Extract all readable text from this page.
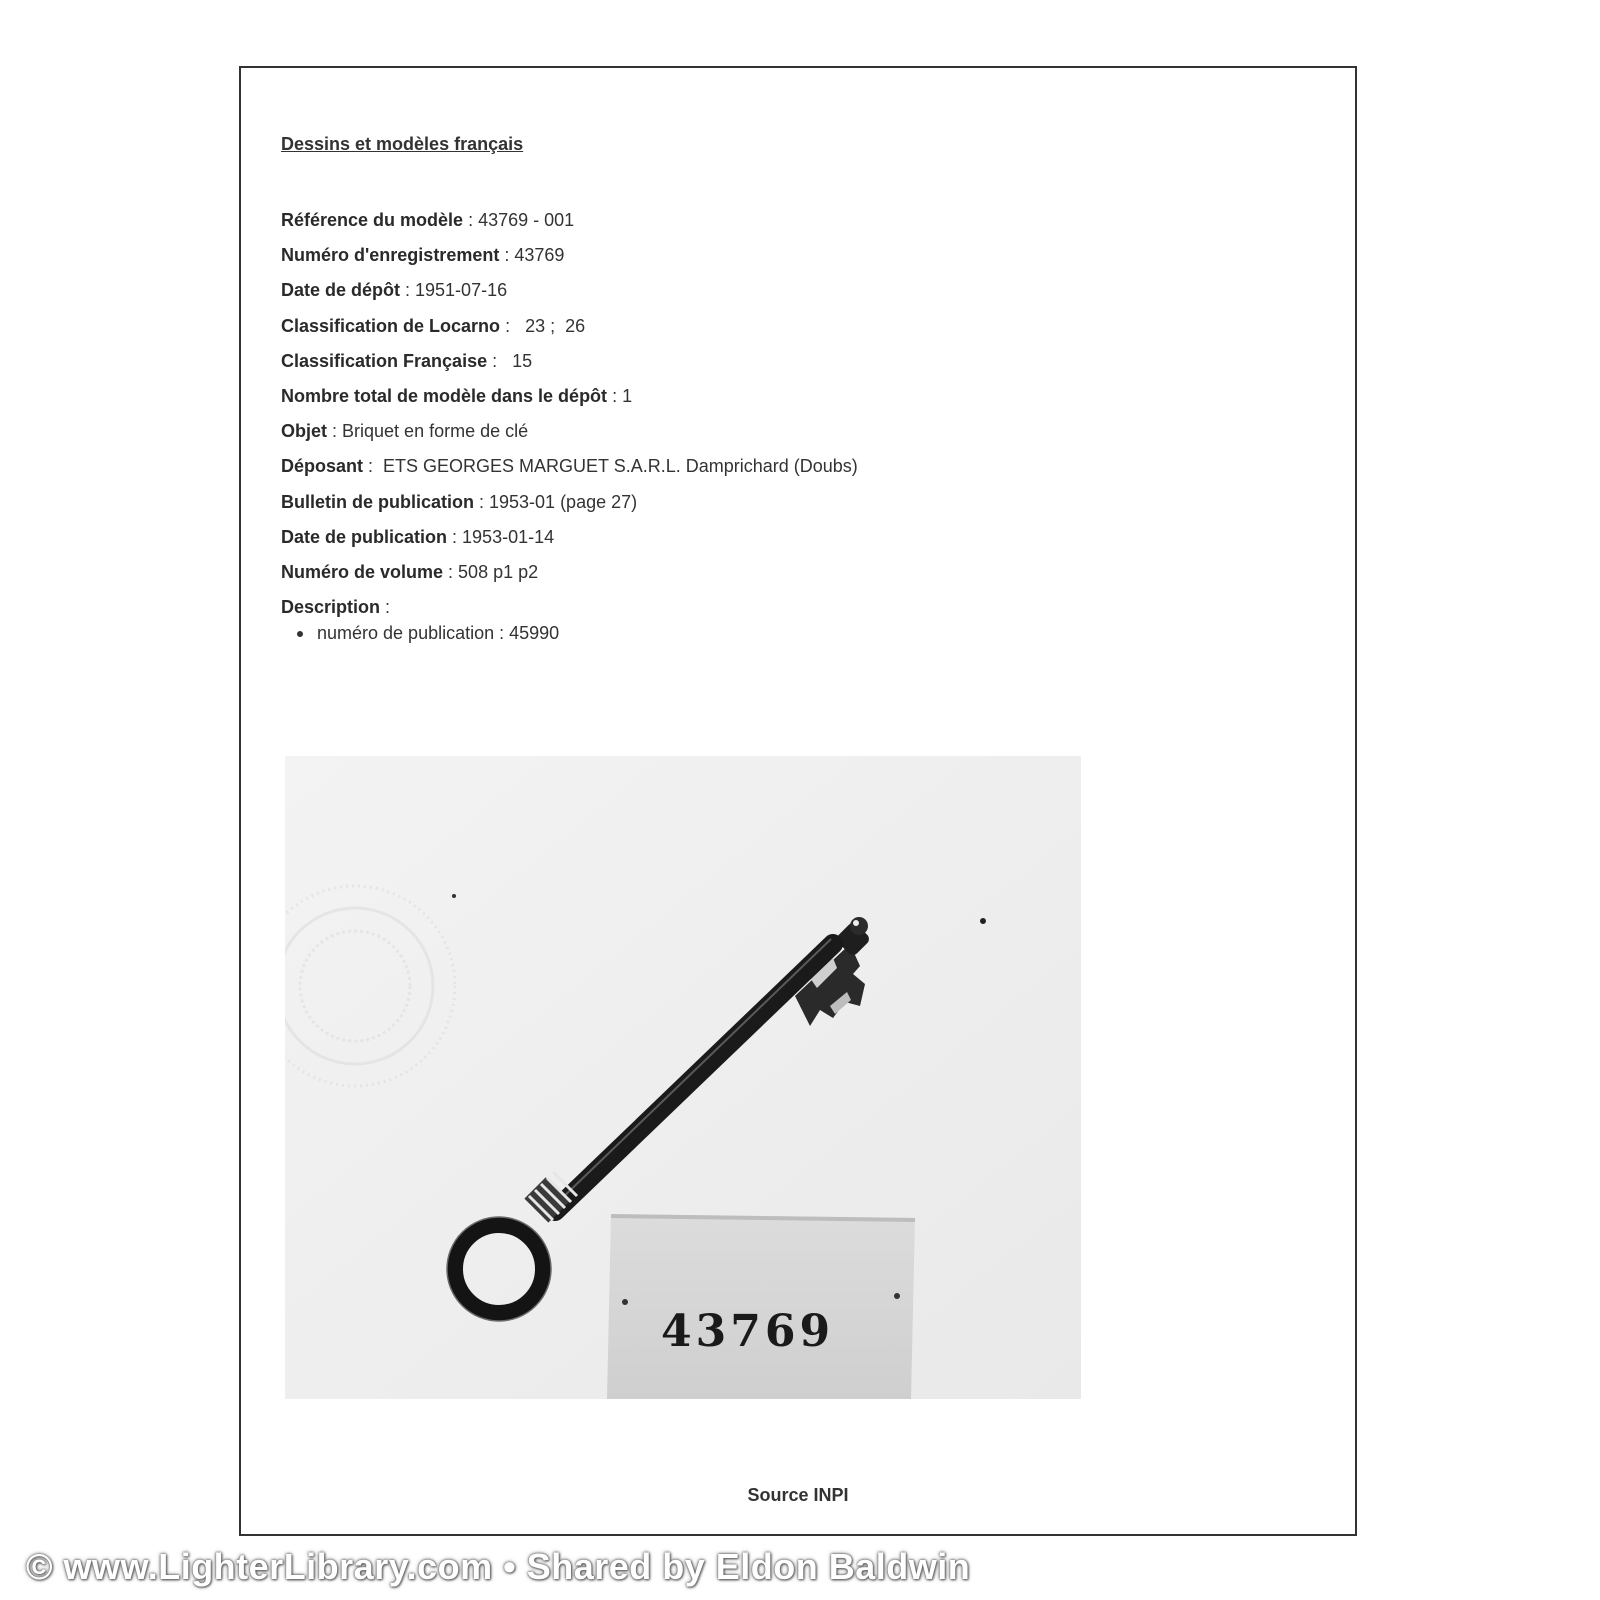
Dessins et modèles français
Référence du modèle : 43769 - 001
Numéro d'enregistrement : 43769
Date de dépôt : 1951-07-16
Classification de Locarno :   23 ;  26
Classification Française :   15
Nombre total de modèle dans le dépôt : 1
Objet : Briquet en forme de clé
Déposant :  ETS GEORGES MARGUET S.A.R.L. Damprichard (Doubs)
Bulletin de publication : 1953-01 (page 27)
Date de publication : 1953-01-14
Numéro de volume : 508 p1 p2
Description :
numéro de publication : 45990
43769
Source INPI
© www.LighterLibrary.com • Shared by Eldon Baldwin
